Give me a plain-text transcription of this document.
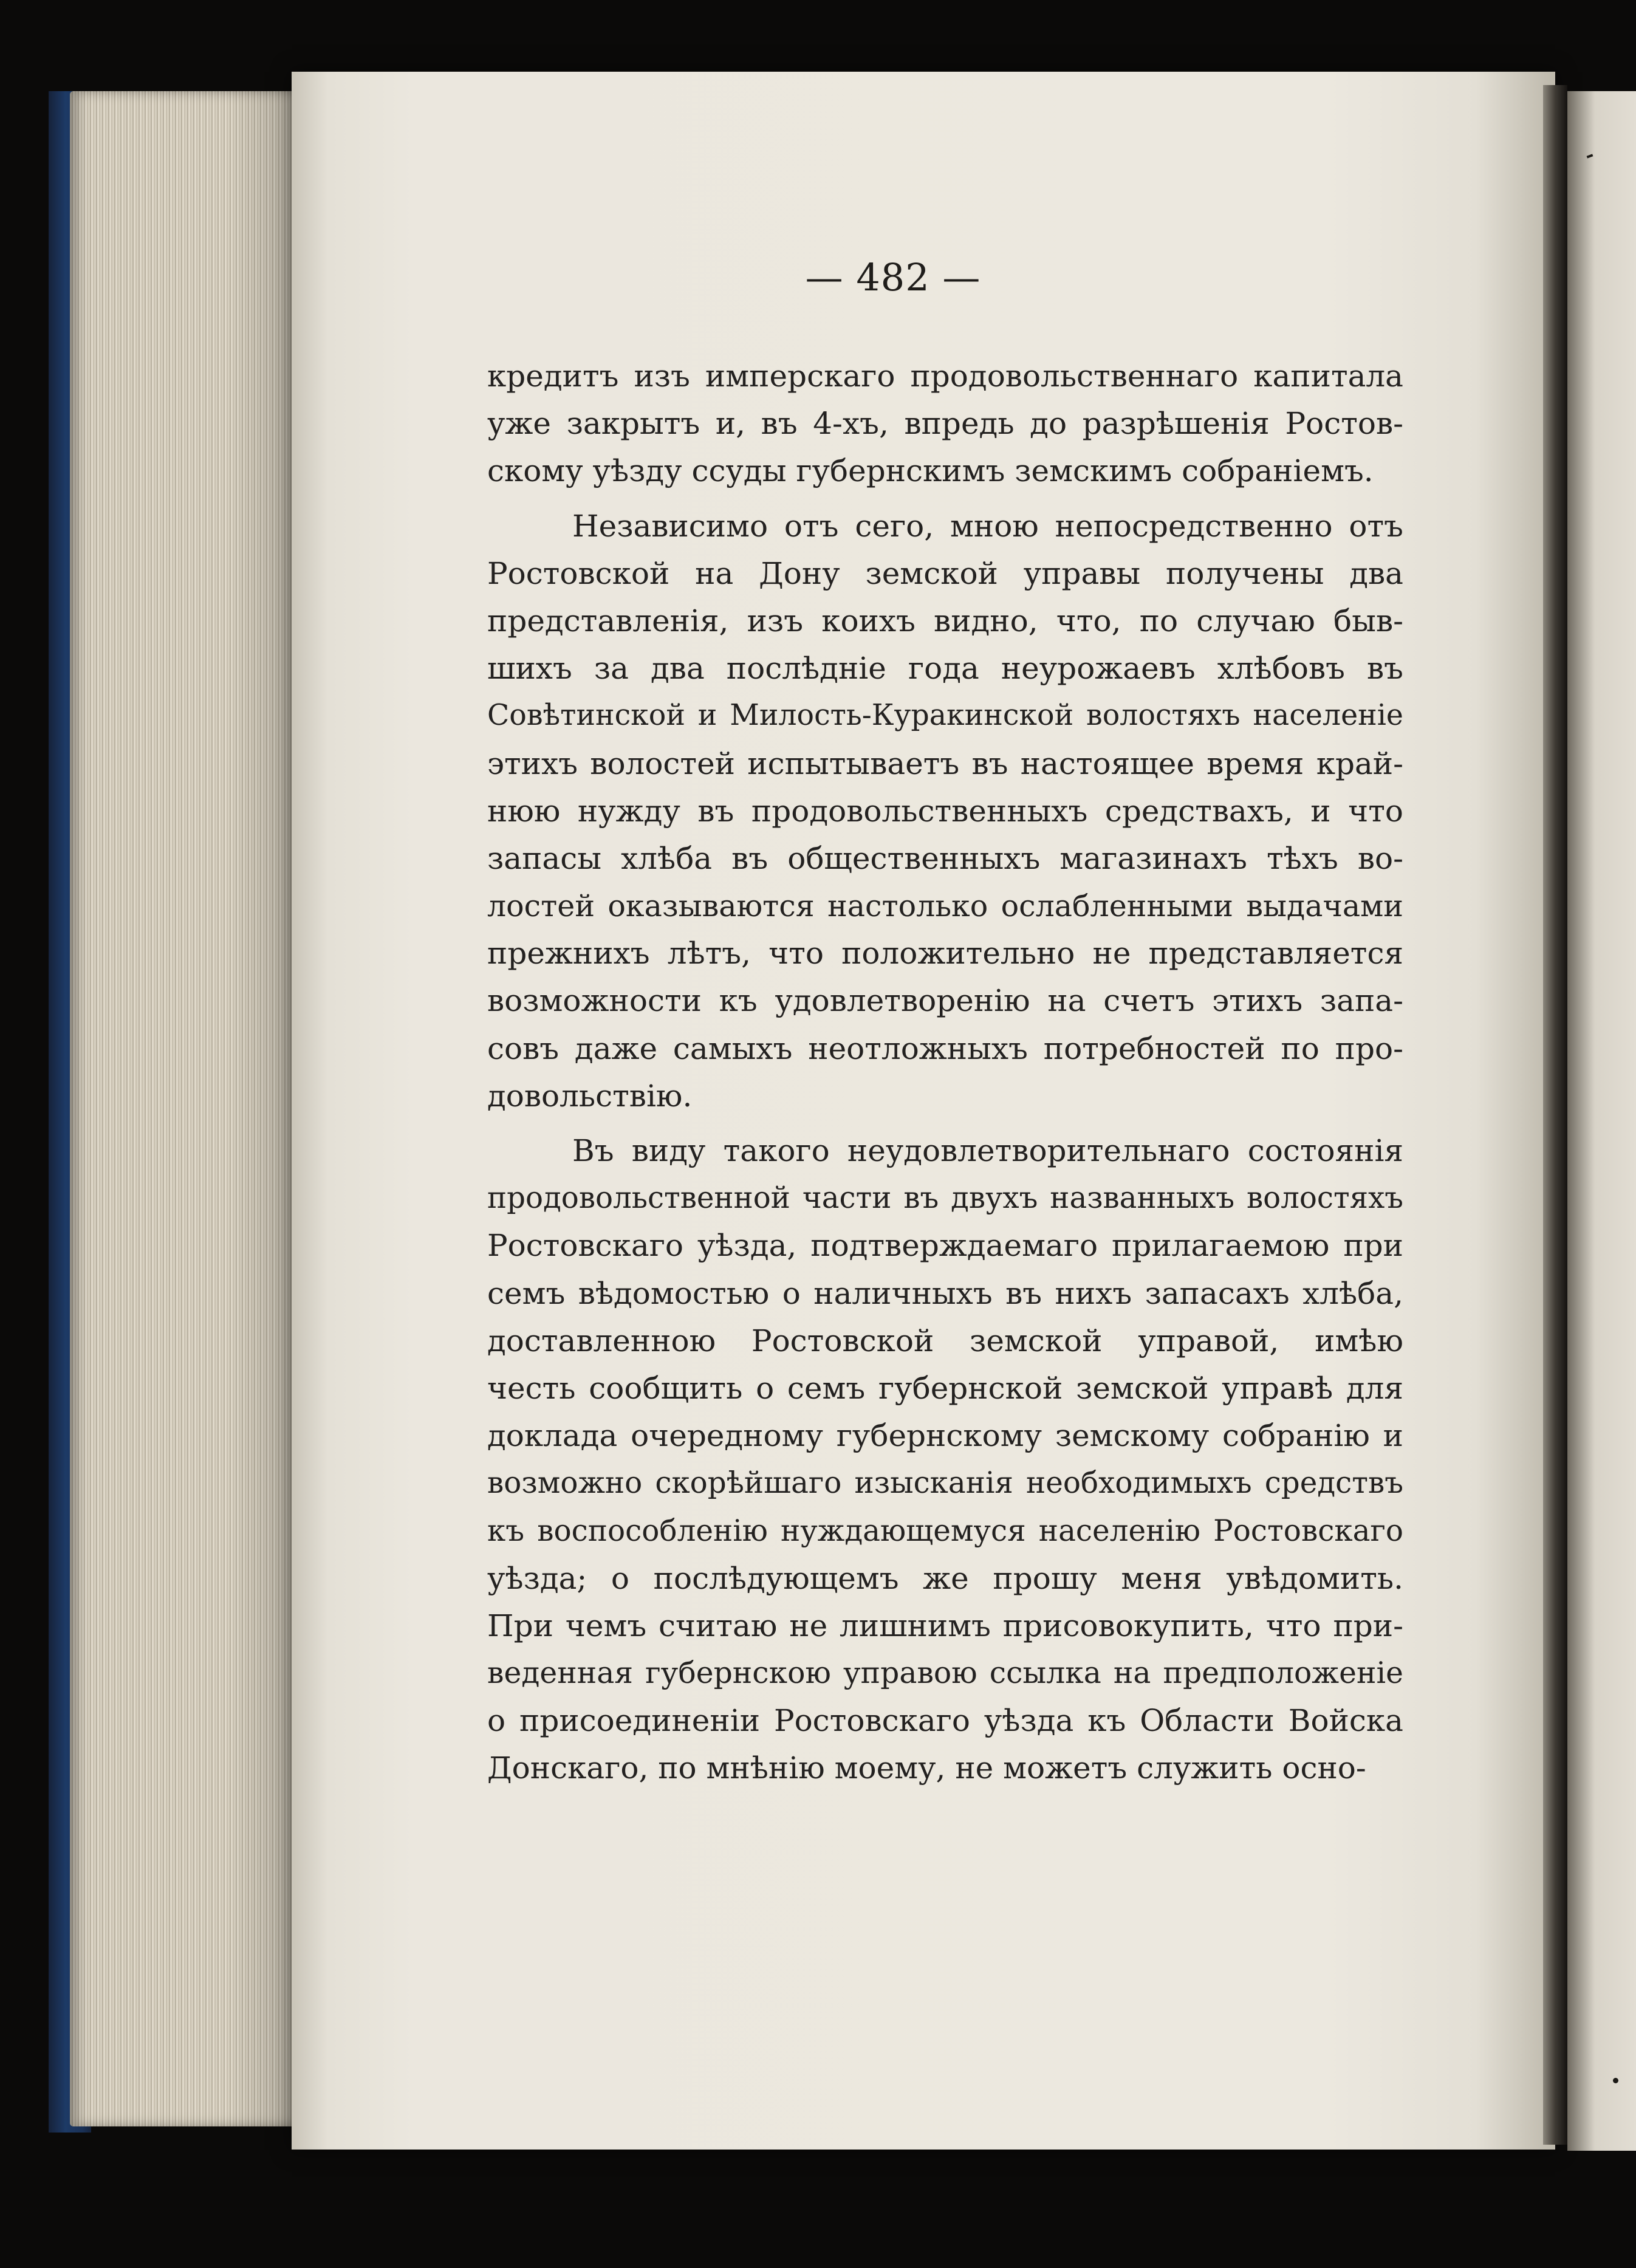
— 482 —
кредитъ изъ имперскаго продовольственнаго капитала
уже закрытъ и, въ 4-хъ, впредь до разрѣшенія Ростов-
скому уѣзду ссуды губернскимъ земскимъ собраніемъ.
Независимо отъ сего, мною непосредственно отъ
Ростовской на Дону земской управы получены два
представленія, изъ коихъ видно, что, по случаю быв-
шихъ за два послѣдніе года неурожаевъ хлѣбовъ въ
Совѣтинской и Милость-Куракинской волостяхъ населеніе
этихъ волостей испытываетъ въ настоящее время край-
нюю нужду въ продовольственныхъ средствахъ, и что
запасы хлѣба въ общественныхъ магазинахъ тѣхъ во-
лостей оказываются настолько ослабленными выдачами
прежнихъ лѣтъ, что положительно не представляется
возможности къ удовлетворенію на счетъ этихъ запа-
совъ даже самыхъ неотложныхъ потребностей по про-
довольствію.
Въ виду такого неудовлетворительнаго состоянія
продовольственной части въ двухъ названныхъ волостяхъ
Ростовскаго уѣзда, подтверждаемаго прилагаемою при
семъ вѣдомостью о наличныхъ въ нихъ запасахъ хлѣба,
доставленною Ростовской земской управой, имѣю
честь сообщить о семъ губернской земской управѣ для
доклада очередному губернскому земскому собранію и
возможно скорѣйшаго изысканія необходимыхъ средствъ
къ воспособленію нуждающемуся населенію Ростовскаго
уѣзда; о послѣдующемъ же прошу меня увѣдомить.
При чемъ считаю не лишнимъ присовокупить, что при-
веденная губернскою управою ссылка на предположеніе
о присоединеніи Ростовскаго уѣзда къ Области Войска
Донскаго, по мнѣнію моему, не можетъ служить осно-
